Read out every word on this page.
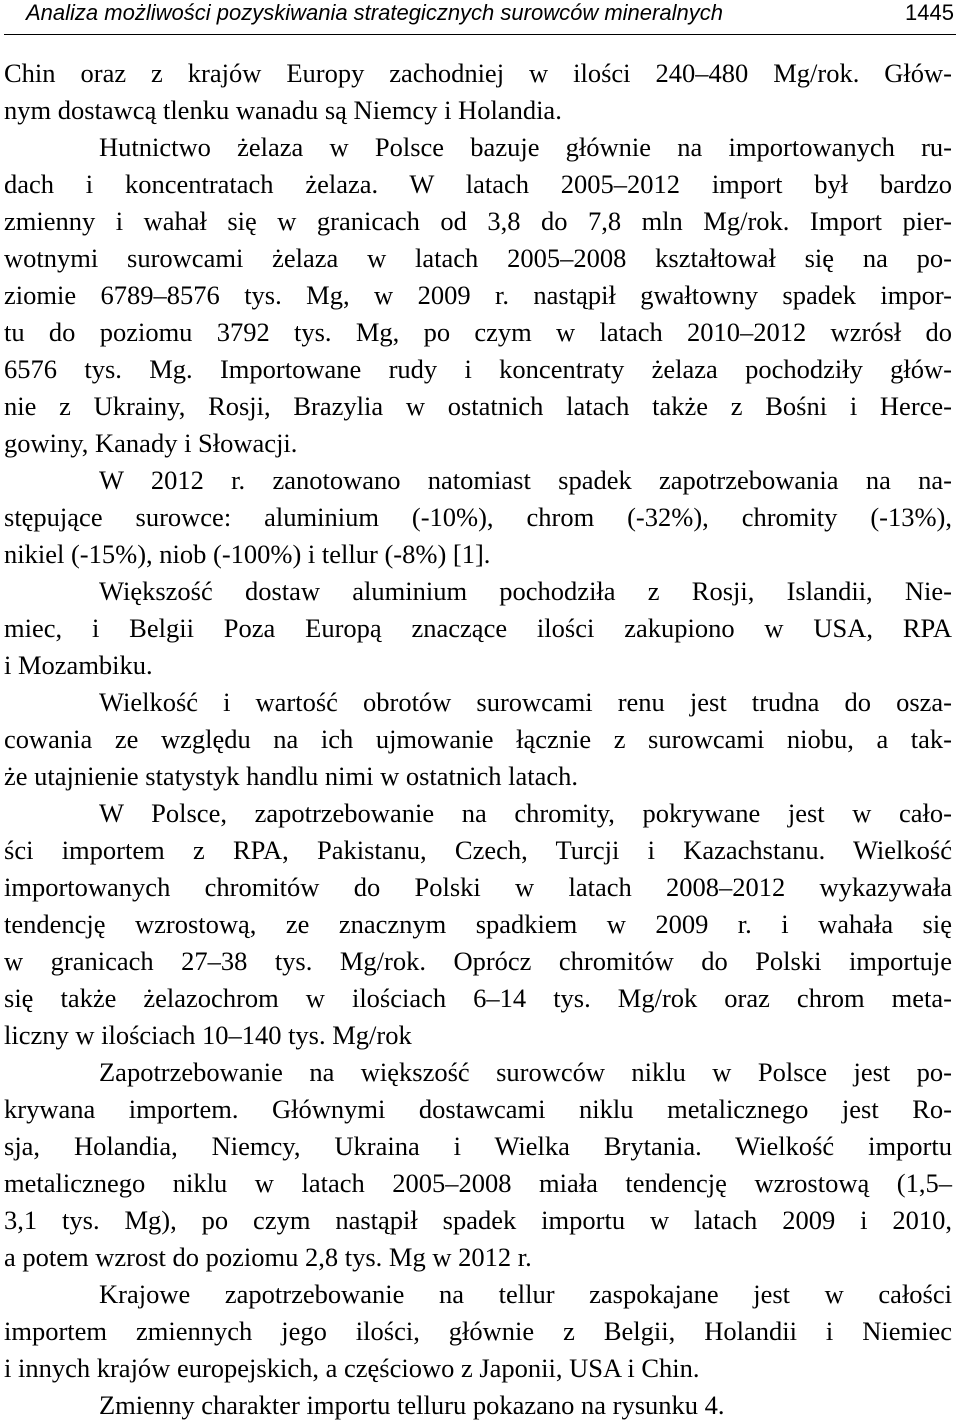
Analiza możliwości pozyskiwania strategicznych surowców mineralnych	1445
Chin oraz z krajów Europy zachodniej w ilości 240–480 Mg/rok. Głów-
nym dostawcą tlenku wanadu są Niemcy i Holandia.
Hutnictwo żelaza w Polsce bazuje głównie na importowanych ru-
dach i koncentratach żelaza. W latach 2005–2012 import był bardzo
zmienny i wahał się w granicach od 3,8 do 7,8 mln Mg/rok. Import pier-
wotnymi surowcami żelaza w latach 2005–2008 kształtował się na po-
ziomie 6789–8576 tys. Mg, w 2009 r. nastąpił gwałtowny spadek impor-
tu do poziomu 3792 tys. Mg, po czym w latach 2010–2012 wzrósł do
6576 tys. Mg. Importowane rudy i koncentraty żelaza pochodziły głów-
nie z Ukrainy, Rosji, Brazylia w ostatnich latach także z Bośni i Herce-
gowiny, Kanady i Słowacji.
W 2012 r. zanotowano natomiast spadek zapotrzebowania na na-
stępujące surowce: aluminium (-10%), chrom (-32%), chromity (-13%),
nikiel (-15%), niob (-100%) i tellur (-8%) [1].
Większość dostaw aluminium pochodziła z Rosji, Islandii, Nie-
miec, i Belgii Poza Europą znaczące ilości zakupiono w USA, RPA
i Mozambiku.
Wielkość i wartość obrotów surowcami renu jest trudna do osza-
cowania ze względu na ich ujmowanie łącznie z surowcami niobu, a tak-
że utajnienie statystyk handlu nimi w ostatnich latach.
W Polsce, zapotrzebowanie na chromity, pokrywane jest w cało-
ści importem z RPA, Pakistanu, Czech, Turcji i Kazachstanu. Wielkość
importowanych chromitów do Polski w latach 2008–2012 wykazywała
tendencję wzrostową, ze znacznym spadkiem w 2009 r. i wahała się
w granicach 27–38 tys. Mg/rok. Oprócz chromitów do Polski importuje
się także żelazochrom w ilościach 6–14 tys. Mg/rok oraz chrom meta-
liczny w ilościach 10–140 tys. Mg/rok
Zapotrzebowanie na większość surowców niklu w Polsce jest po-
krywana importem. Głównymi dostawcami niklu metalicznego jest Ro-
sja, Holandia, Niemcy, Ukraina i Wielka Brytania. Wielkość importu
metalicznego niklu w latach 2005–2008 miała tendencję wzrostową (1,5–
3,1 tys. Mg), po czym nastąpił spadek importu w latach 2009 i 2010,
a potem wzrost do poziomu 2,8 tys. Mg w 2012 r.
Krajowe zapotrzebowanie na tellur zaspokajane jest w całości
importem zmiennych jego ilości, głównie z Belgii, Holandii i Niemiec
i innych krajów europejskich, a częściowo z Japonii, USA i Chin.
Zmienny charakter importu telluru pokazano na rysunku 4.
